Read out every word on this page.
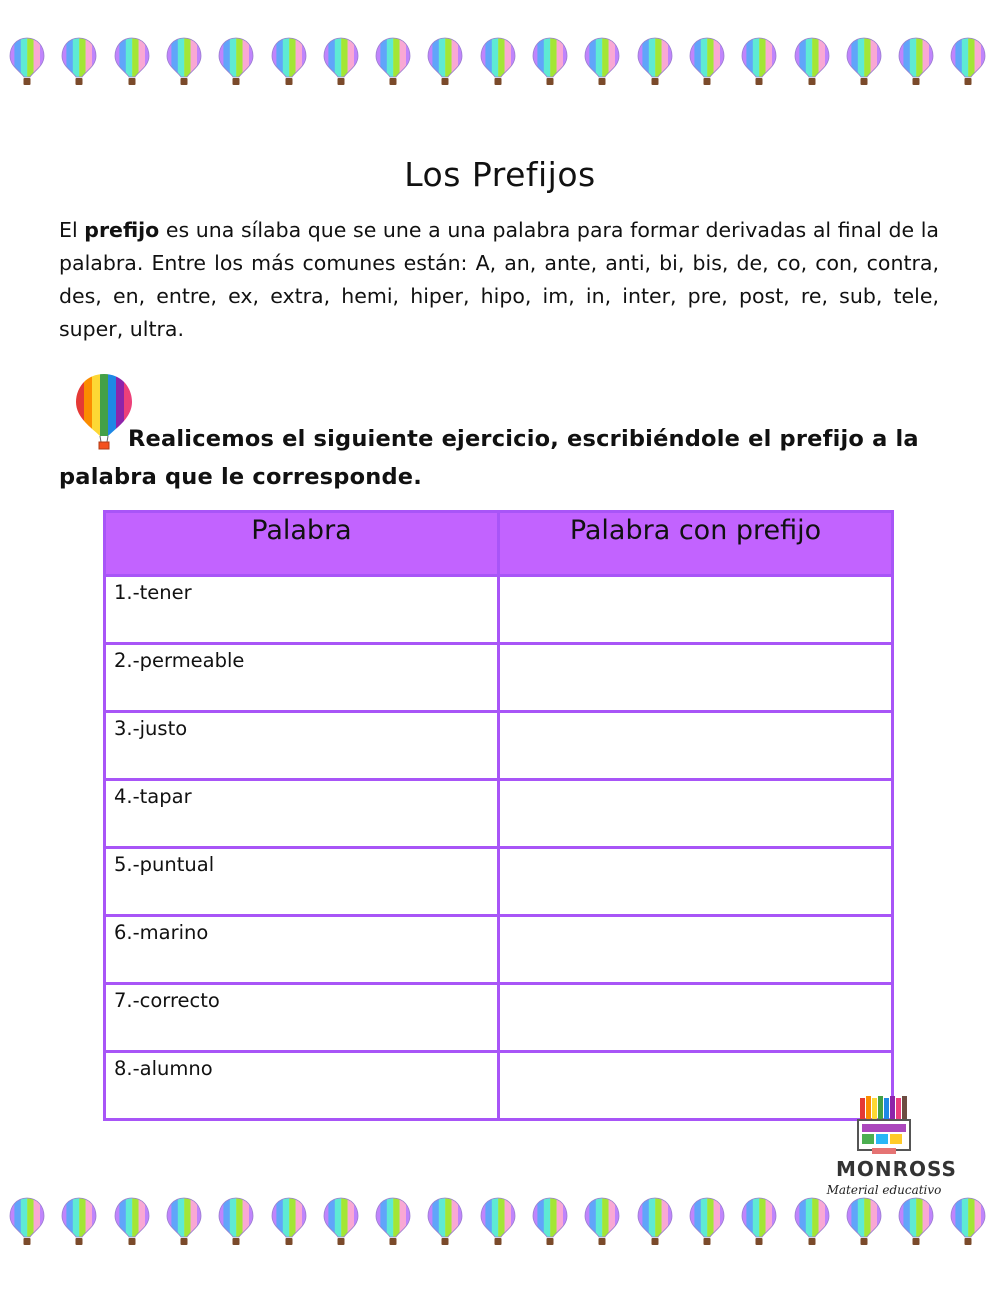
Los Prefijos

El prefijo es una sílaba que se une a una palabra para formar derivadas al final de la palabra. Entre los más comunes están: A, an, ante, anti, bi, bis, de, co, con, contra, des, en, entre, ex, extra, hemi, hiper, hipo, im, in, inter, pre, post, re, sub, tele, super, ultra.

Realicemos el siguiente ejercicio, escribiéndole el prefijo a la
palabra que le corresponde.
Palabra	Palabra con prefijo
1.-tener	
2.-permeable	
3.-justo	
4.-tapar	
5.-puntual	
6.-marino	
7.-correcto	
8.-alumno	
MONROSS
Material educativo
